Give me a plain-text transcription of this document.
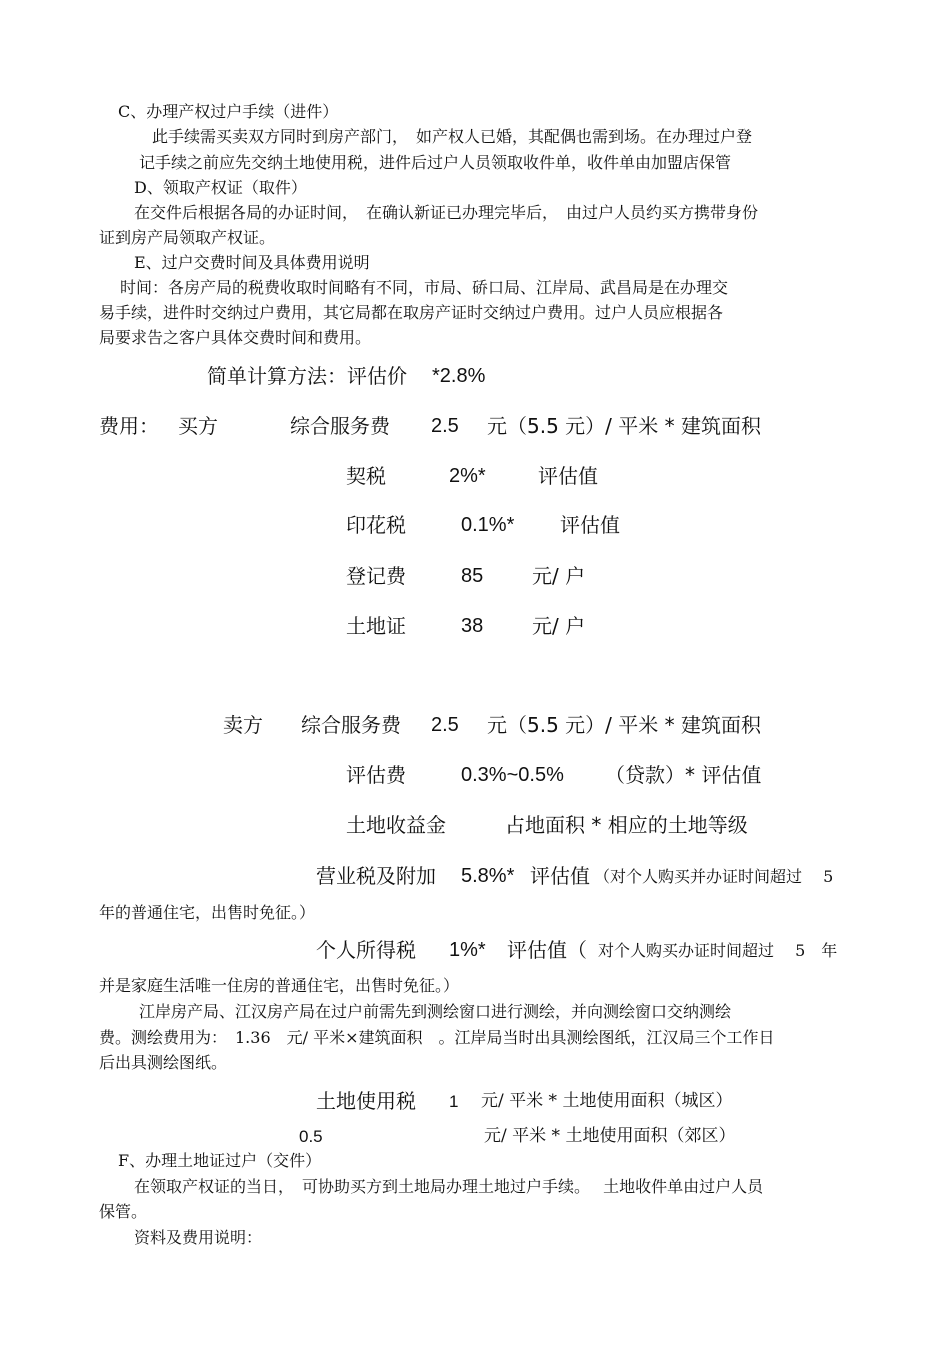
C、办理产权过户手续（进件）
此手续需买卖双方同时到房产部门，　如产权人已婚，其配偶也需到场。在办理过户登
记手续之前应先交纳土地使用税，进件后过户人员领取收件单，收件单由加盟店保管
D、领取产权证（取件）
在交件后根据各局的办证时间，　在确认新证已办理完毕后，　由过户人员约买方携带身份
证到房产局领取产权证。
E、过户交费时间及具体费用说明
时间：各房产局的税费收取时间略有不同，市局、硚口局、江岸局、武昌局是在办理交
易手续，进件时交纳过户费用，其它局都在取房产证时交纳过户费用。过户人员应根据各
局要求告之客户具体交费时间和费用。
简单计算方法：评估价 *2.8%
费用： 买方	综合服务费 2.5 元（5.5 元）/ 平米 * 建筑面积
契税	2%*	评估值
印花税	0.1%* 评估值
登记费	85 元/ 户
土地证	38 元/ 户
卖方 综合服务费 2.5 元（5.5 元）/ 平米 * 建筑面积
评估费	0.3%~0.5% （贷款）* 评估值
土地收益金	占地面积 * 相应的土地等级
营业税及附加 5.8%* 评估值 （对个人购买并办证时间超过　 5
年的普通住宅，出售时免征。）
个人所得税 1%* 评估值（ 对个人购买办证时间超过　 5　年
并是家庭生活唯一住房的普通住宅，出售时免征。）
江岸房产局、江汉房产局在过户前需先到测绘窗口进行测绘，并向测绘窗口交纳测绘
费。测绘费用为：　1.36　元/ 平米×建筑面积　。江岸局当时出具测绘图纸，江汉局三个工作日
后出具测绘图纸。
土地使用税 1 元/ 平米 * 土地使用面积（城区）
0.5	元/ 平米 * 土地使用面积（郊区）
F、办理土地证过户（交件）
在领取产权证的当日，　可协助买方到土地局办理土地过户手续。　 土地收件单由过户人员
保管。
资料及费用说明：
